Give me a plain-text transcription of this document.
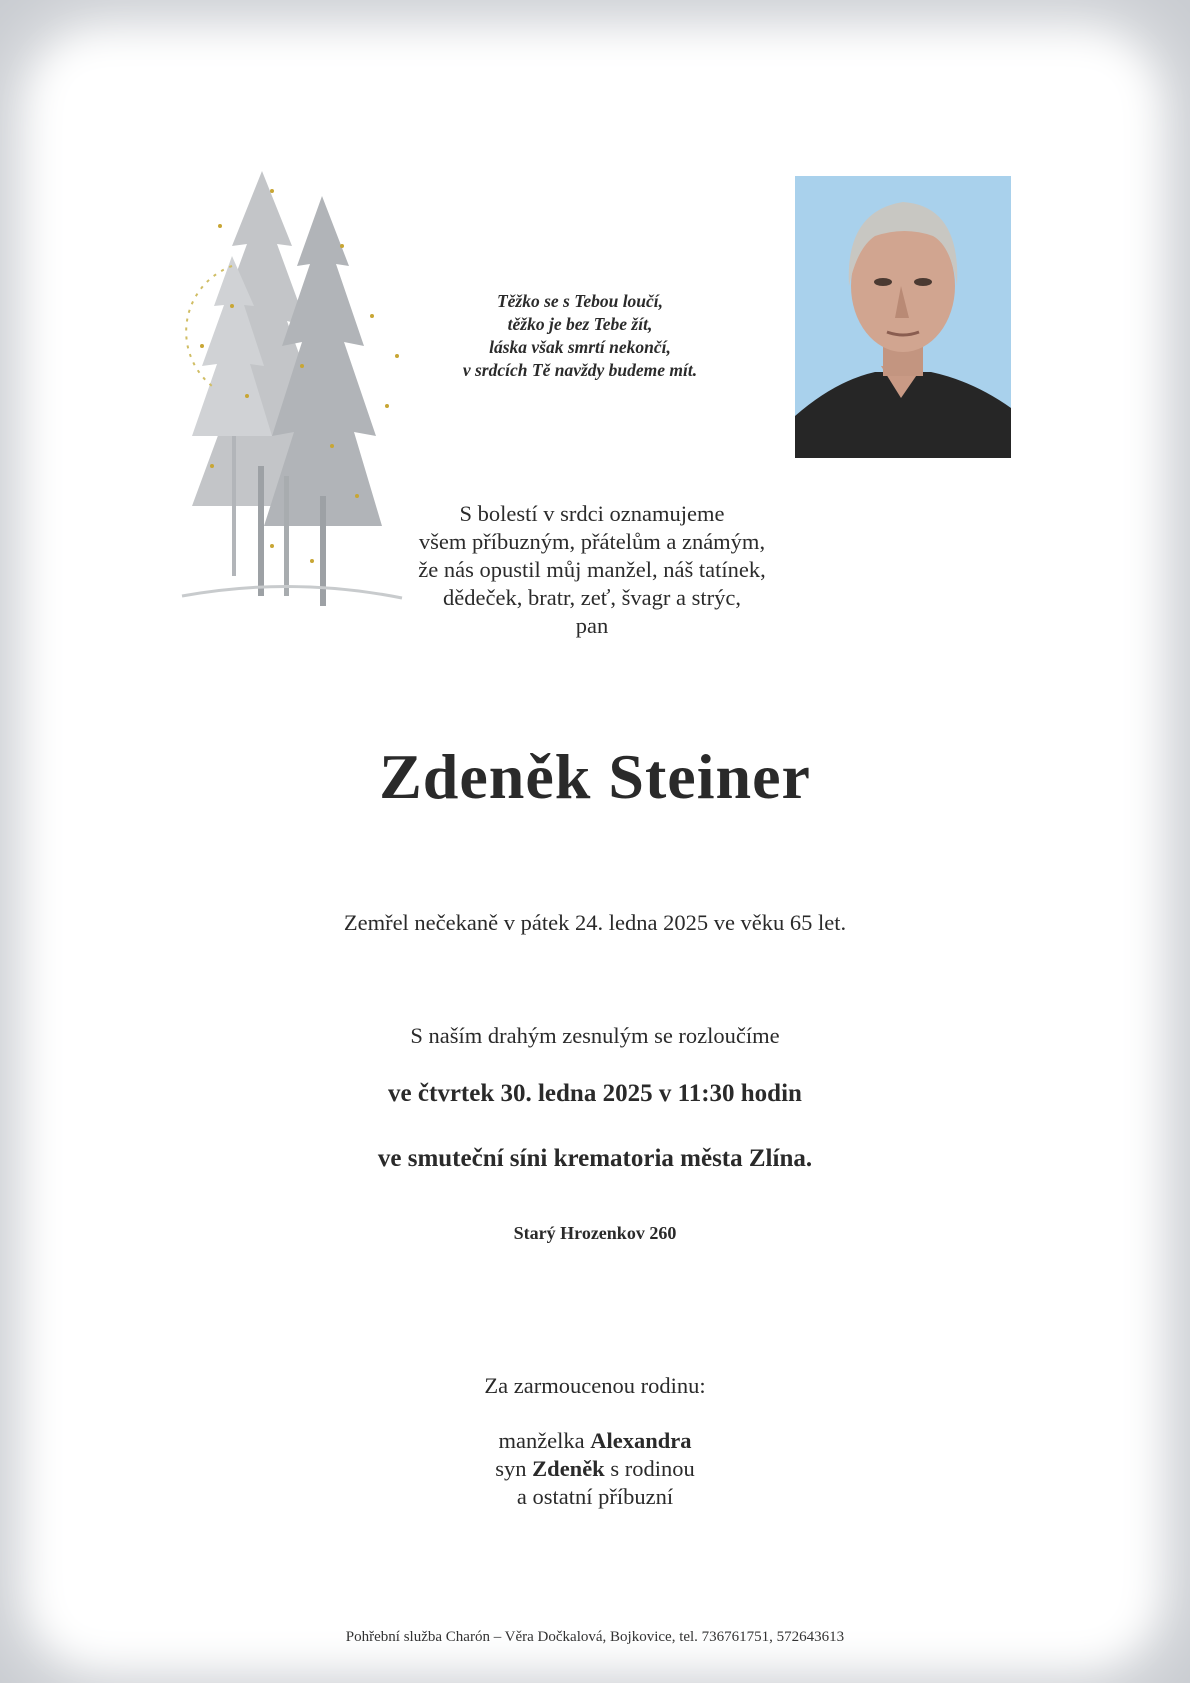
Těžko se s Tebou loučí,
těžko je bez Tebe žít,
láska však smrtí nekončí,
v srdcích Tě navždy budeme mít.
S bolestí v srdci oznamujeme
všem příbuzným, přátelům a známým,
že nás opustil můj manžel, náš tatínek,
dědeček, bratr, zeť, švagr a strýc,
pan
Zdeněk Steiner
Zemřel nečekaně v pátek 24. ledna 2025 ve věku 65 let.
S naším drahým zesnulým se rozloučíme
ve čtvrtek 30. ledna 2025 v 11:30 hodin
ve smuteční síni krematoria města Zlína.
Starý Hrozenkov 260
Za zarmoucenou rodinu:
manželka Alexandra
syn Zdeněk s rodinou
a ostatní příbuzní
Pohřební služba Charón – Věra Dočkalová, Bojkovice, tel. 736761751, 572643613
